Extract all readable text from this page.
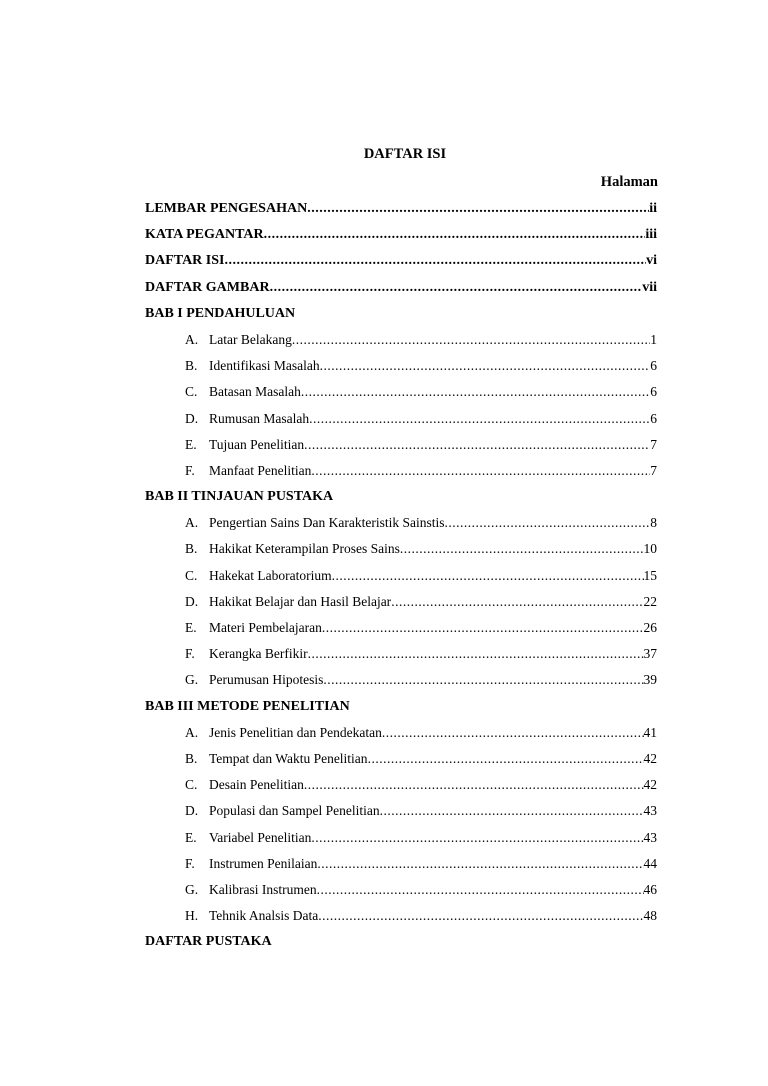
DAFTAR ISI
Halaman
LEMBAR PENGESAHAN .....	ii
KATA PEGANTAR .....	iii
DAFTAR ISI .....	vi
DAFTAR GAMBAR .....	vii
BAB I PENDAHULUAN
A. Latar Belakang .....	1
B. Identifikasi Masalah .....	6
C. Batasan Masalah .....	6
D. Rumusan Masalah .....	6
E. Tujuan Penelitian .....	7
F.	Manfaat Penelitian .....	7
BAB II TINJAUAN PUSTAKA
A. Pengertian Sains Dan Karakteristik Sainstis .....	8
B. Hakikat Keterampilan Proses Sains .....	10
C. Hakekat Laboratorium .....	15
D. Hakikat Belajar dan Hasil Belajar .....	22
E. Materi Pembelajaran .....	26
F.	Kerangka Berfikir .....	37
G. Perumusan Hipotesis .....	39
BAB III METODE PENELITIAN
A. Jenis Penelitian dan Pendekatan .....	41
B. Tempat dan Waktu Penelitian .....	42
C. Desain Penelitian .....	42
D. Populasi dan Sampel Penelitian .....	43
E. Variabel Penelitian .....	43
F.	Instrumen Penilaian .....	44
G. Kalibrasi Instrumen .....	46
H. Tehnik Analsis Data .....	48
DAFTAR PUSTAKA
